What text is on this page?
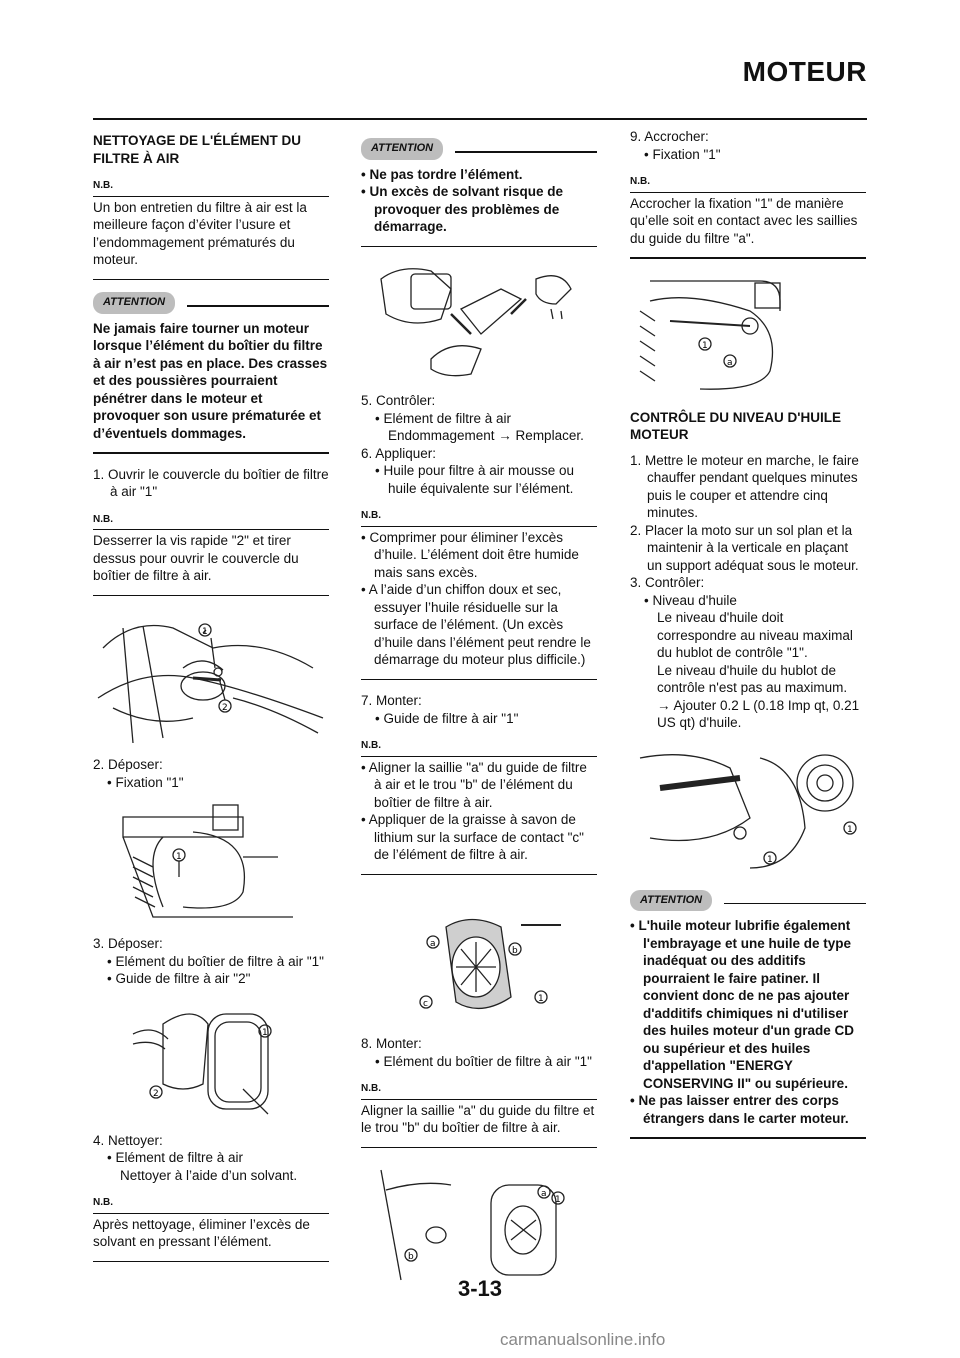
MOTEUR
NETTOYAGE DE L'ÉLÉMENT DU FILTRE À AIR
N.B.

Un bon entretien du filtre à air est la meilleure façon d’éviter l’usure et l’endommagement prématurés du moteur.

ATTENTION

Ne jamais faire tourner un moteur lorsque l’élément du boîtier du filtre à air n’est pas en place. Des crasses et des poussières pourraient pénétrer dans le moteur et provoquer son usure prématurée et d’éventuels dommages.

1. Ouvrir le couvercle du boîtier de filtre à air "1"

N.B.

Desserrer la vis rapide "2" et tirer dessus pour ouvrir le couvercle du boîtier de filtre à air.

1
2

2. Déposer:

• Fixation "1"

1

3. Déposer:

• Elément du boîtier de filtre à air "1"

• Guide de filtre à air "2"

1
2

4. Nettoyer:

• Elément de filtre à air

Nettoyer à l’aide d’un solvant.

N.B.

Après nettoyage, éliminer l’excès de solvant en pressant l’élément.

ATTENTION

• Ne pas tordre l’élément.

• Un excès de solvant risque de provoquer des problèmes de démarrage.

5. Contrôler:

• Elément de filtre à air

Endommagement → Remplacer.

6. Appliquer:

• Huile pour filtre à air mousse ou huile équivalente sur l’élément.

N.B.

• Comprimer pour éliminer l’excès d’huile. L’élément doit être humide mais sans excès.

• A l’aide d’un chiffon doux et sec, essuyer l’huile résiduelle sur la surface de l’élément. (Un excès d’huile dans l’élément peut rendre le démarrage du moteur plus difficile.)

7. Monter:

• Guide de filtre à air "1"

N.B.

• Aligner la saillie "a" du guide de filtre à air et le trou "b" de l’élément du boîtier de filtre à air.

• Appliquer de la graisse à savon de lithium sur la surface de contact "c" de l’élément de filtre à air.

a
b
c	1

8. Monter:

• Elément du boîtier de filtre à air "1"

N.B.

Aligner la saillie "a" du guide du filtre et le trou "b" du boîtier de filtre à air.

a
1
b

9. Accrocher:

• Fixation "1"

N.B.

Accrocher la fixation "1" de manière qu’elle soit en contact avec les saillies du guide du filtre "a".

1
a
CONTRÔLE DU NIVEAU D'HUILE MOTEUR

1. Mettre le moteur en marche, le faire chauffer pendant quelques minutes puis le couper et attendre cinq minutes.

2. Placer la moto sur un sol plan et la maintenir à la verticale en plaçant un support adéquat sous le moteur.

3. Contrôler:

• Niveau d'huile

Le niveau d'huile doit correspondre au niveau maximal du hublot de contrôle "1".

Le niveau d'huile du hublot de contrôle n'est pas au maximum.

→ Ajouter 0.2 L (0.18 Imp qt, 0.21 US qt) d'huile.

1
1
ATTENTION

• L'huile moteur lubrifie également l'embrayage et une huile de type inadéquat ou des additifs pourraient le faire patiner. Il convient donc de ne pas ajouter d'additifs chimiques ni d'utiliser des huiles moteur d'un grade CD ou supérieur et des huiles d'appellation "ENERGY CONSERVING II" ou supérieure.

• Ne pas laisser entrer des corps étrangers dans le carter moteur.

3-13
carmanualsonline.info
